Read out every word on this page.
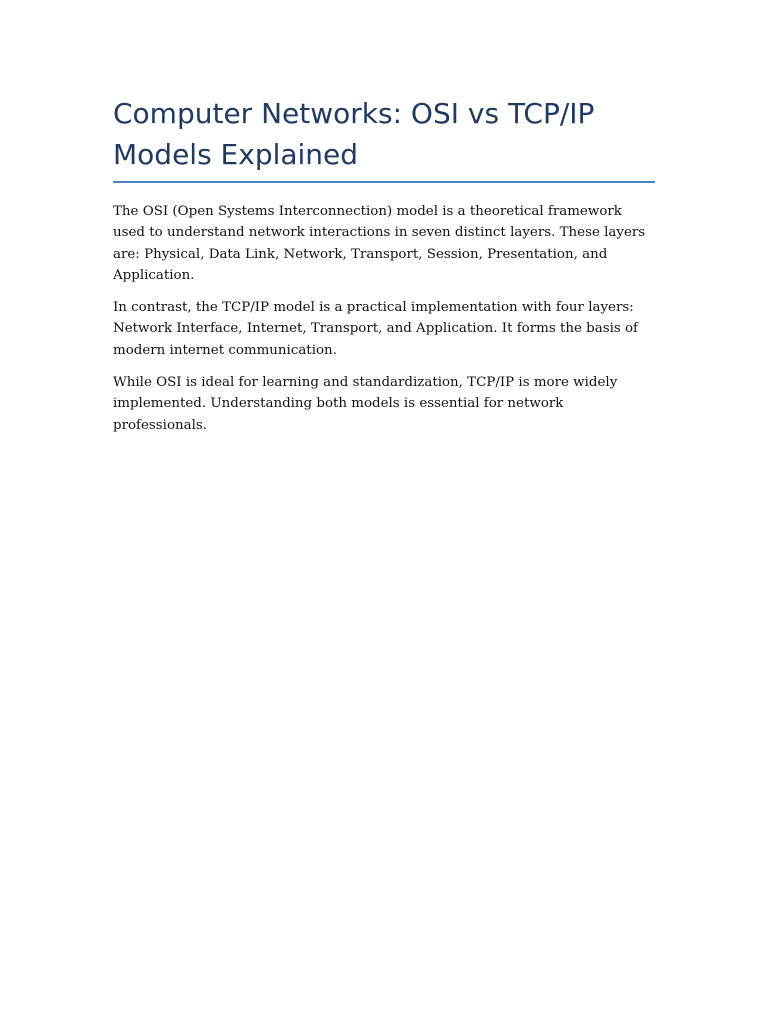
Computer Networks: OSI vs TCP/IP Models Explained

The OSI (Open Systems Interconnection) model is a theoretical framework used to understand network interactions in seven distinct layers. These layers are: Physical, Data Link, Network, Transport, Session, Presentation, and Application.

In contrast, the TCP/IP model is a practical implementation with four layers: Network Interface, Internet, Transport, and Application. It forms the basis of modern internet communication.

While OSI is ideal for learning and standardization, TCP/IP is more widely implemented. Understanding both models is essential for network professionals.
